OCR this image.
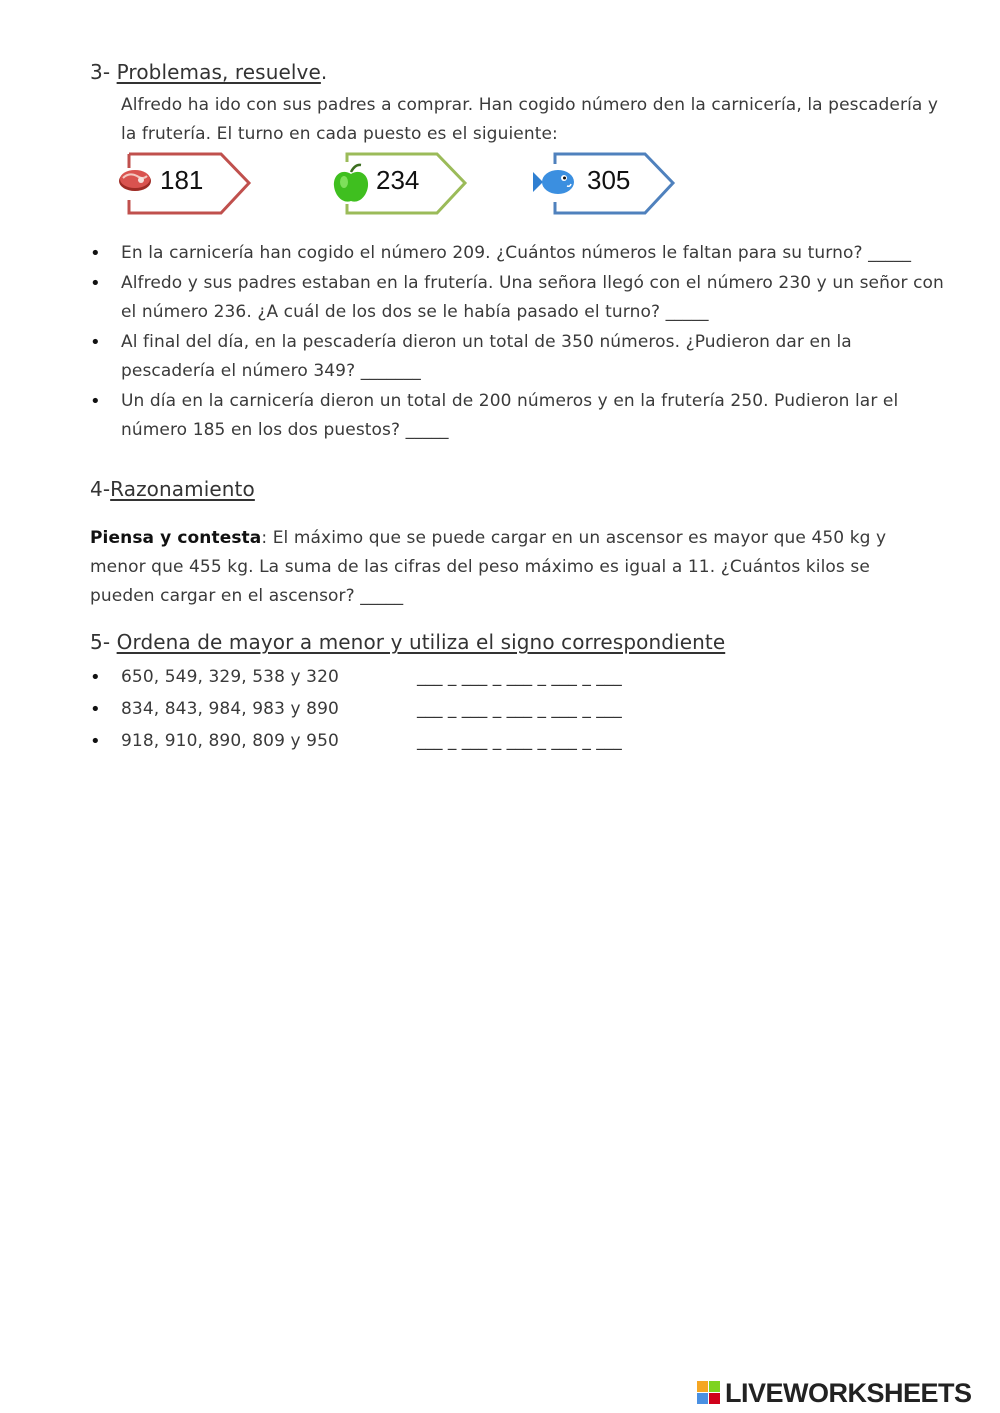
3- Problemas, resuelve.
Alfredo ha ido con sus padres a comprar. Han cogido número den la carnicería, la pescadería y la frutería. El turno en cada puesto es el siguiente:
181	234	305
• En la carnicería han cogido el número 209. ¿Cuántos números le faltan para su turno? _____
• Alfredo y sus padres estaban en la frutería. Una señora llegó con el número 230 y un señor con el número 236. ¿A cuál de los dos se le había pasado el turno? _____
• Al final del día, en la pescadería dieron un total de 350 números. ¿Pudieron dar en la pescadería el número 349? _______
• Un día en la carnicería dieron un total de 200 números y en la frutería 250. Pudieron lar el número 185 en los dos puestos? _____
4-Razonamiento
Piensa y contesta: El máximo que se puede cargar en un ascensor es mayor que 450 kg y menor que 455 kg. La suma de las cifras del peso máximo es igual a 11. ¿Cuántos kilos se pueden cargar en el ascensor? _____
5- Ordena de mayor a menor y utiliza el signo correspondiente
• 650, 549, 329, 538 y 320	___ _ ___ _ ___ _ ___ _ ___
• 834, 843, 984, 983 y 890	___ _ ___ _ ___ _ ___ _ ___
• 918, 910, 890, 809 y 950	___ _ ___ _ ___ _ ___ _ ___
LIVEWORKSHEETS
